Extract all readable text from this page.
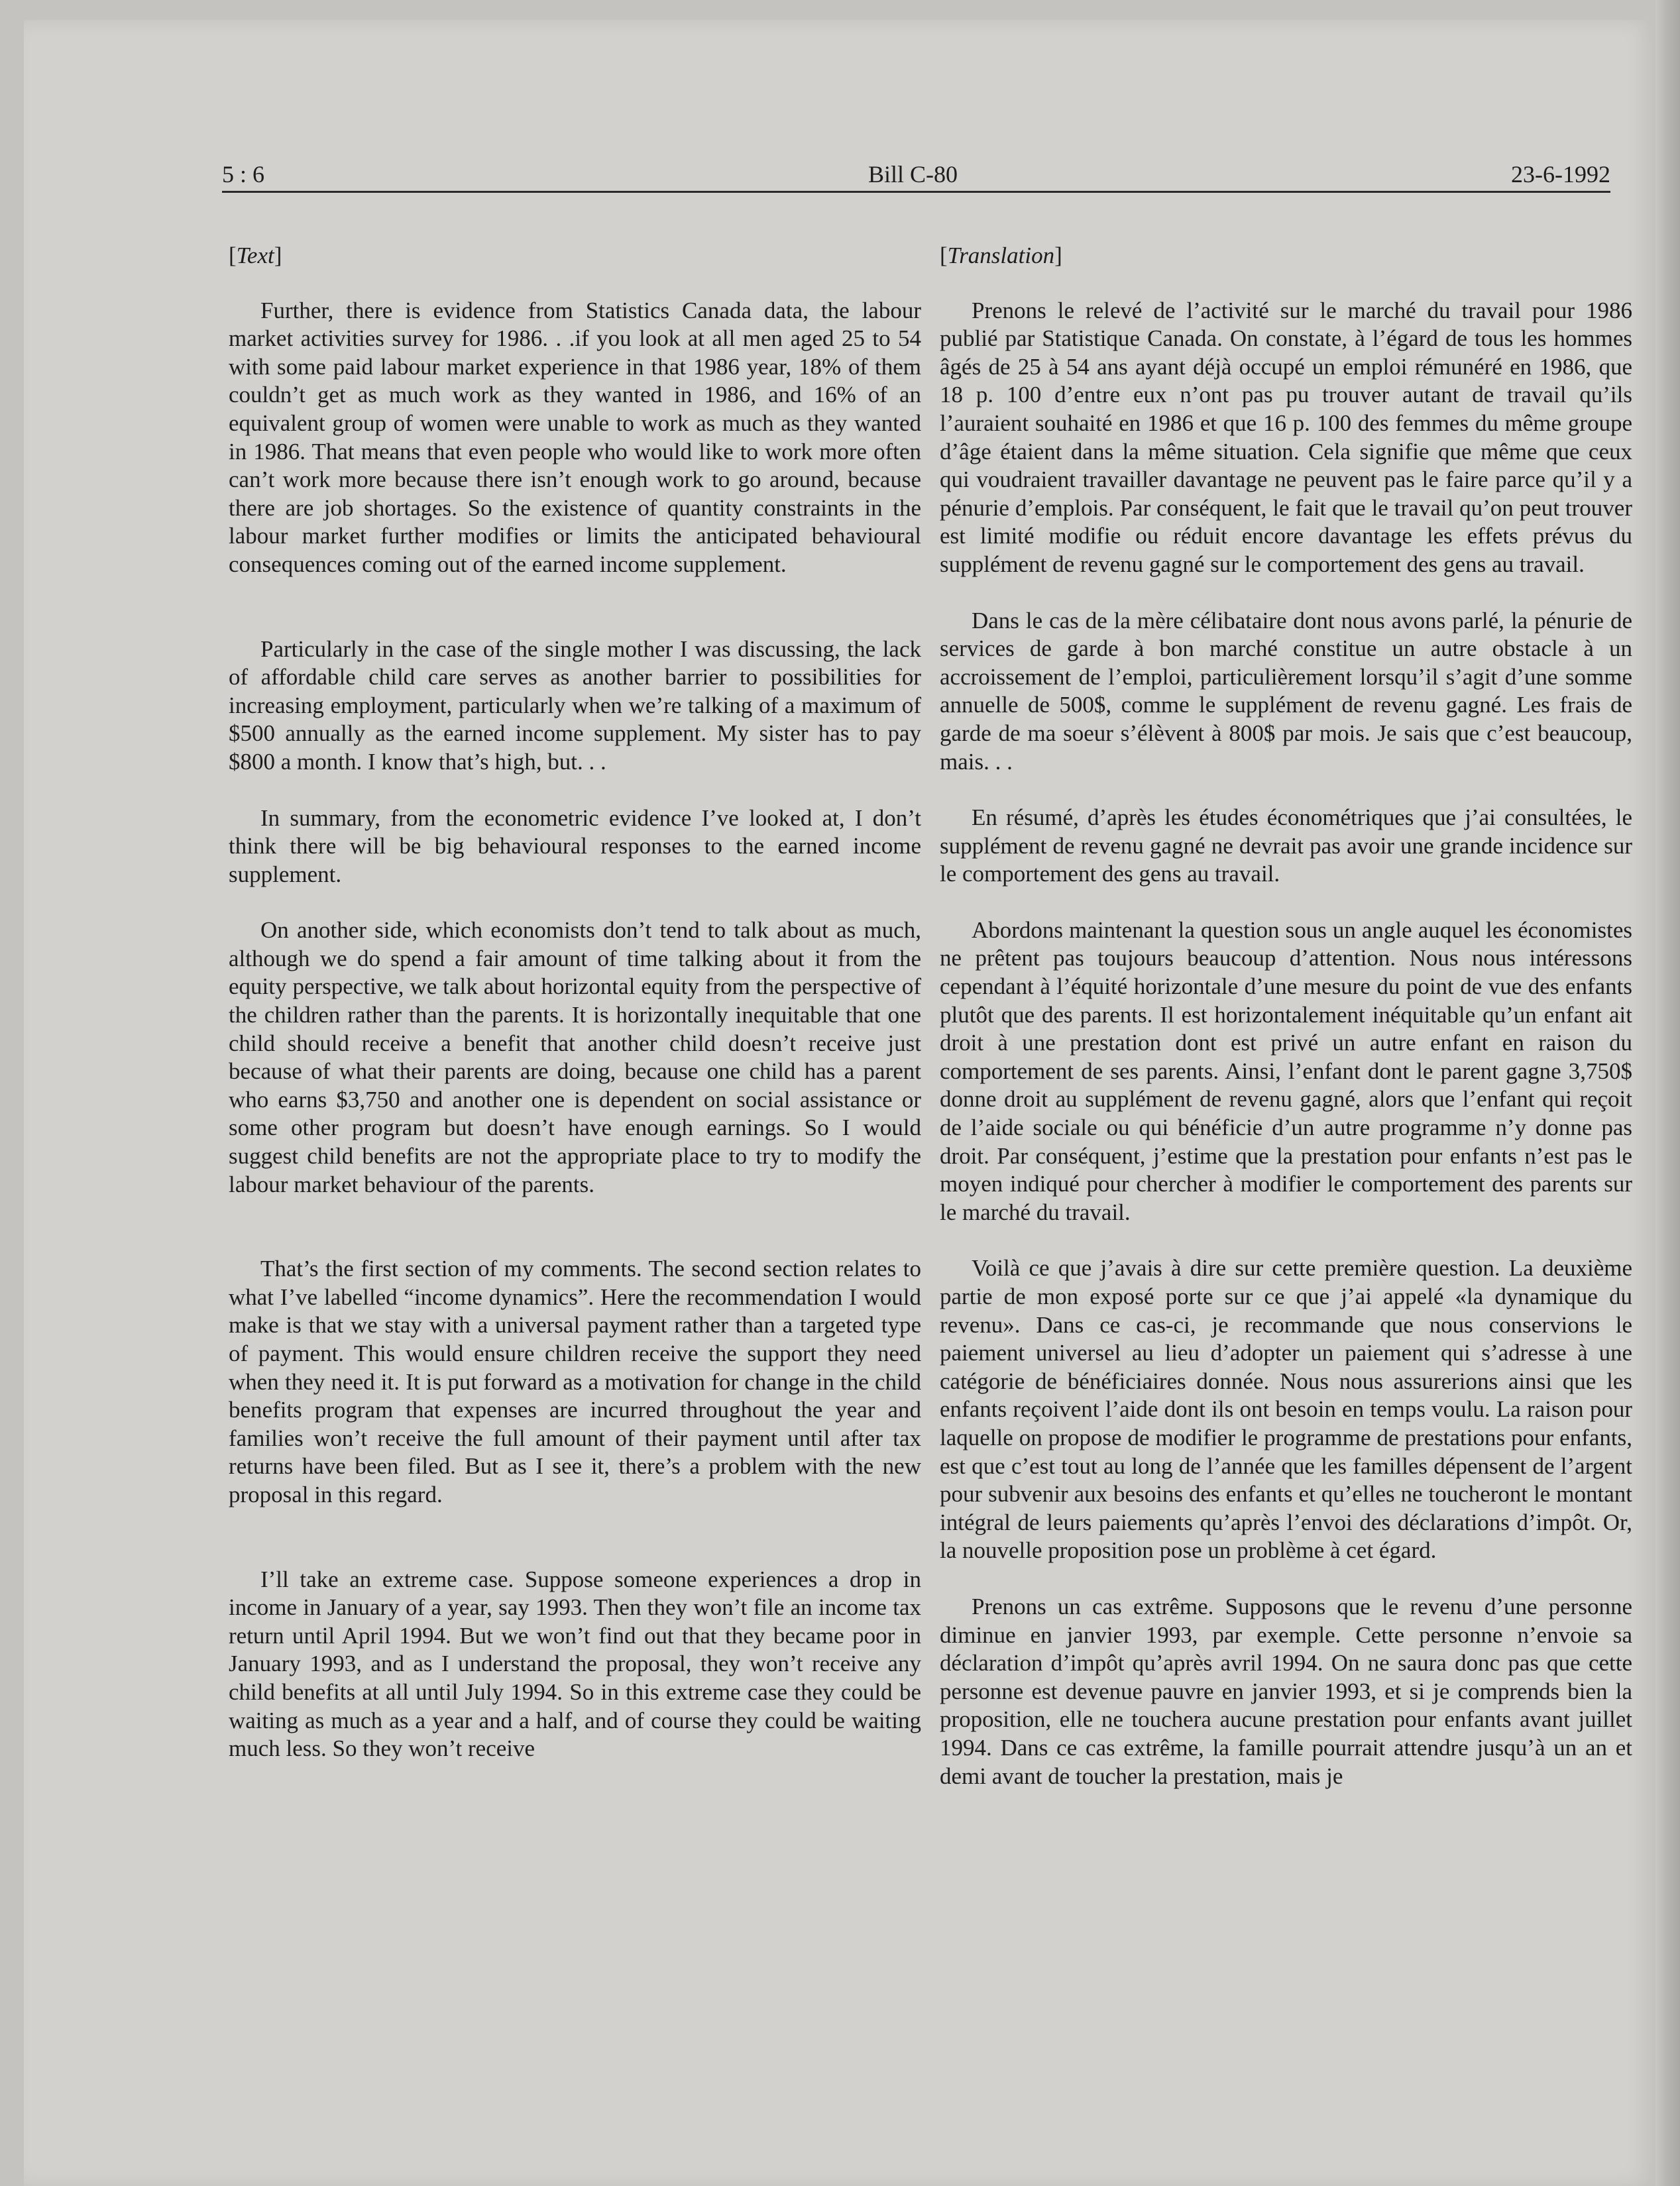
5 : 6	Bill C-80	23-6-1992
[Text]

Further, there is evidence from Statistics Canada data, the labour market activities survey for 1986. . .if you look at all men aged 25 to 54 with some paid labour market experience in that 1986 year, 18% of them couldn’t get as much work as they wanted in 1986, and 16% of an equivalent group of women were unable to work as much as they wanted in 1986. That means that even people who would like to work more often can’t work more because there isn’t enough work to go around, because there are job shortages. So the existence of quantity constraints in the labour market further modifies or limits the anticipated behavioural consequences coming out of the earned income supplement.

Particularly in the case of the single mother I was discussing, the lack of affordable child care serves as another barrier to possibilities for increasing employment, particularly when we’re talking of a maximum of $500 annually as the earned income supplement. My sister has to pay $800 a month. I know that’s high, but. . .

In summary, from the econometric evidence I’ve looked at, I don’t think there will be big behavioural responses to the earned income supplement.

On another side, which economists don’t tend to talk about as much, although we do spend a fair amount of time talking about it from the equity perspective, we talk about horizontal equity from the perspective of the children rather than the parents. It is horizontally inequitable that one child should receive a benefit that another child doesn’t receive just because of what their parents are doing, because one child has a parent who earns $3,750 and another one is dependent on social assistance or some other program but doesn’t have enough earnings. So I would suggest child benefits are not the appropriate place to try to modify the labour market behaviour of the parents.

That’s the first section of my comments. The second section relates to what I’ve labelled “income dynamics”. Here the recommendation I would make is that we stay with a universal payment rather than a targeted type of payment. This would ensure children receive the support they need when they need it. It is put forward as a motivation for change in the child benefits program that expenses are incurred throughout the year and families won’t receive the full amount of their payment until after tax returns have been filed. But as I see it, there’s a problem with the new proposal in this regard.

I’ll take an extreme case. Suppose someone experiences a drop in income in January of a year, say 1993. Then they won’t file an income tax return until April 1994. But we won’t find out that they became poor in January 1993, and as I understand the proposal, they won’t receive any child benefits at all until July 1994. So in this extreme case they could be waiting as much as a year and a half, and of course they could be waiting much less. So they won’t receive

[Translation]

Prenons le relevé de l’activité sur le marché du travail pour 1986 publié par Statistique Canada. On constate, à l’égard de tous les hommes âgés de 25 à 54 ans ayant déjà occupé un emploi rémunéré en 1986, que 18 p. 100 d’entre eux n’ont pas pu trouver autant de travail qu’ils l’auraient souhaité en 1986 et que 16 p. 100 des femmes du même groupe d’âge étaient dans la même situation. Cela signifie que même que ceux qui voudraient travailler davantage ne peuvent pas le faire parce qu’il y a pénurie d’emplois. Par conséquent, le fait que le travail qu’on peut trouver est limité modifie ou réduit encore davantage les effets prévus du supplément de revenu gagné sur le comportement des gens au travail.

Dans le cas de la mère célibataire dont nous avons parlé, la pénurie de services de garde à bon marché constitue un autre obstacle à un accroissement de l’emploi, particulièrement lorsqu’il s’agit d’une somme annuelle de 500$, comme le supplément de revenu gagné. Les frais de garde de ma soeur s’élèvent à 800$ par mois. Je sais que c’est beaucoup, mais. . .

En résumé, d’après les études économétriques que j’ai consultées, le supplément de revenu gagné ne devrait pas avoir une grande incidence sur le comportement des gens au travail.

Abordons maintenant la question sous un angle auquel les économistes ne prêtent pas toujours beaucoup d’attention. Nous nous intéressons cependant à l’équité horizontale d’une mesure du point de vue des enfants plutôt que des parents. Il est horizontalement inéquitable qu’un enfant ait droit à une prestation dont est privé un autre enfant en raison du comportement de ses parents. Ainsi, l’enfant dont le parent gagne 3,750$ donne droit au supplément de revenu gagné, alors que l’enfant qui reçoit de l’aide sociale ou qui bénéficie d’un autre programme n’y donne pas droit. Par conséquent, j’estime que la prestation pour enfants n’est pas le moyen indiqué pour chercher à modifier le comportement des parents sur le marché du travail.

Voilà ce que j’avais à dire sur cette première question. La deuxième partie de mon exposé porte sur ce que j’ai appelé «la dynamique du revenu». Dans ce cas-ci, je recommande que nous conservions le paiement universel au lieu d’adopter un paiement qui s’adresse à une catégorie de bénéficiaires donnée. Nous nous assurerions ainsi que les enfants reçoivent l’aide dont ils ont besoin en temps voulu. La raison pour laquelle on propose de modifier le programme de prestations pour enfants, est que c’est tout au long de l’année que les familles dépensent de l’argent pour subvenir aux besoins des enfants et qu’elles ne toucheront le montant intégral de leurs paiements qu’après l’envoi des déclarations d’impôt. Or, la nouvelle proposition pose un problème à cet égard.

Prenons un cas extrême. Supposons que le revenu d’une personne diminue en janvier 1993, par exemple. Cette personne n’envoie sa déclaration d’impôt qu’après avril 1994. On ne saura donc pas que cette personne est devenue pauvre en janvier 1993, et si je comprends bien la proposition, elle ne touchera aucune prestation pour enfants avant juillet 1994. Dans ce cas extrême, la famille pourrait attendre jusqu’à un an et demi avant de toucher la prestation, mais je
